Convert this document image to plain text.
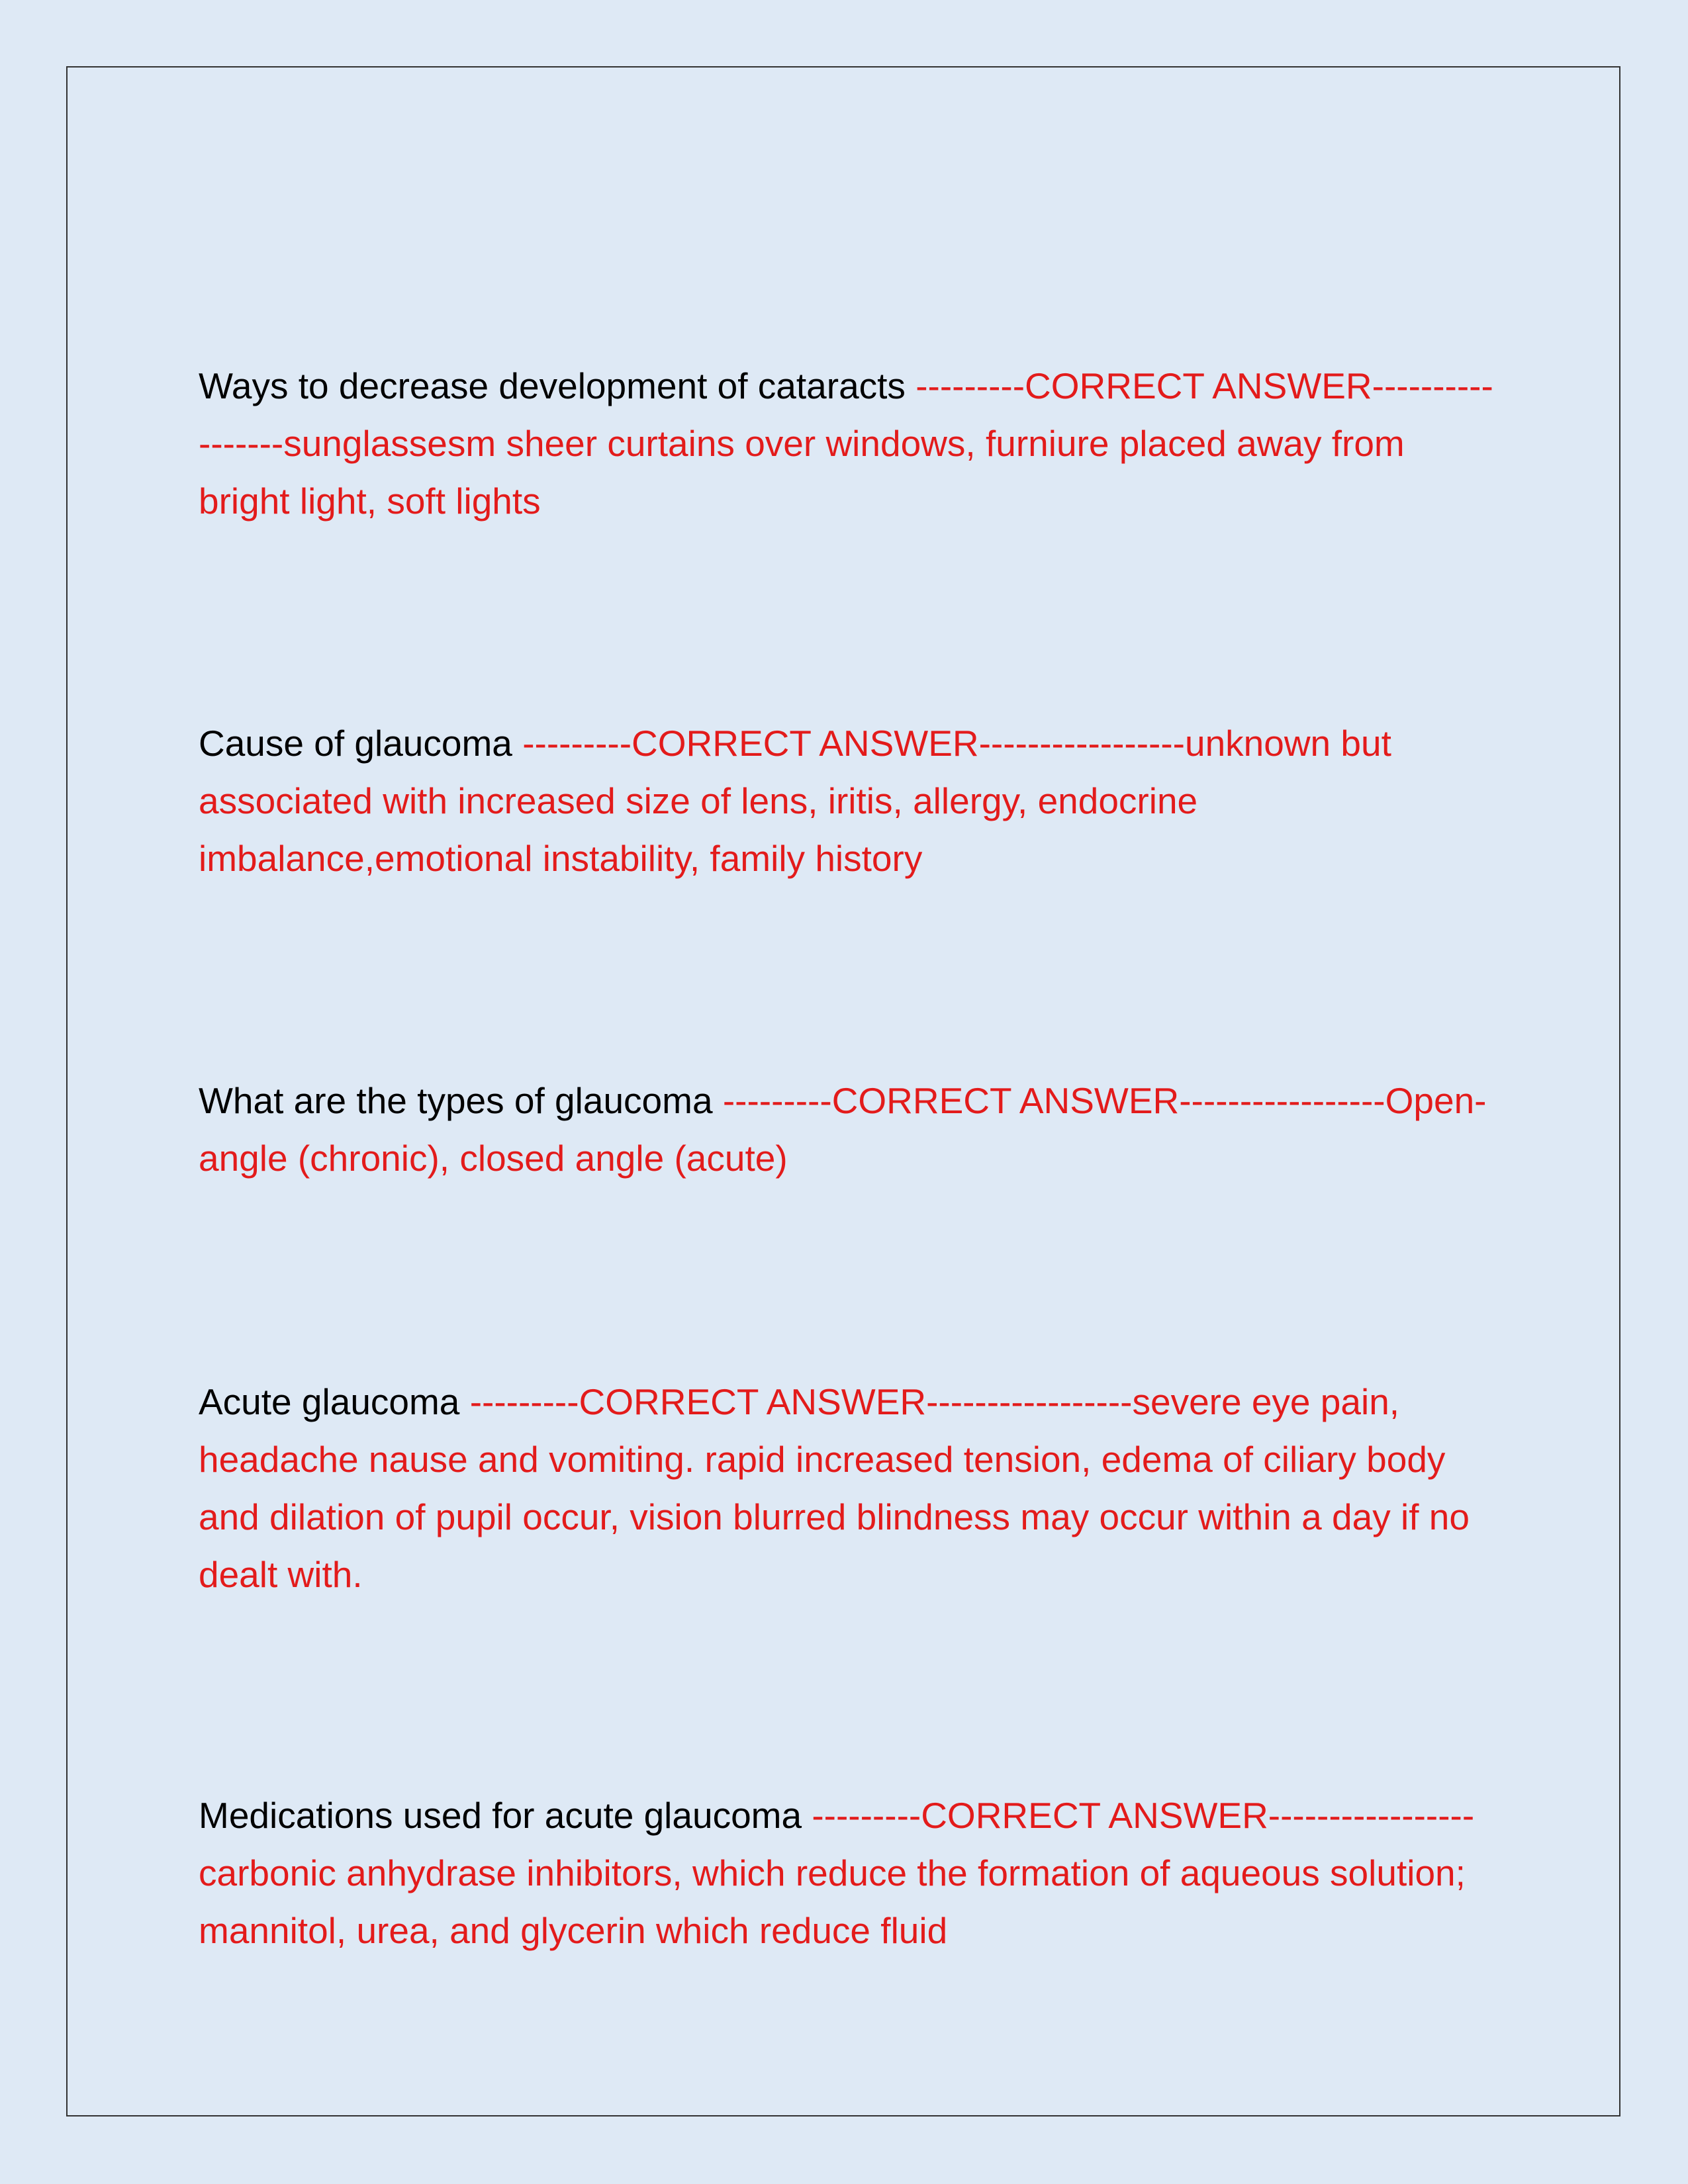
Ways to decrease development of cataracts ---------CORRECT ANSWER-----------------sunglassesm sheer curtains over windows, furniure placed away from bright light, soft lights

Cause of glaucoma ---------CORRECT ANSWER-----------------unknown but associated with increased size of lens, iritis, allergy, endocrine imbalance,emotional instability, family history

What are the types of glaucoma ---------CORRECT ANSWER-----------------Open-angle (chronic), closed angle (acute)

Acute glaucoma ---------CORRECT ANSWER-----------------severe eye pain, headache nause and vomiting. rapid increased tension, edema of ciliary body and dilation of pupil occur, vision blurred blindness may occur within a day if no dealt with.

Medications used for acute glaucoma ---------CORRECT ANSWER-----------------carbonic anhydrase inhibitors, which reduce the formation of aqueous solution; mannitol, urea, and glycerin which reduce fluid
